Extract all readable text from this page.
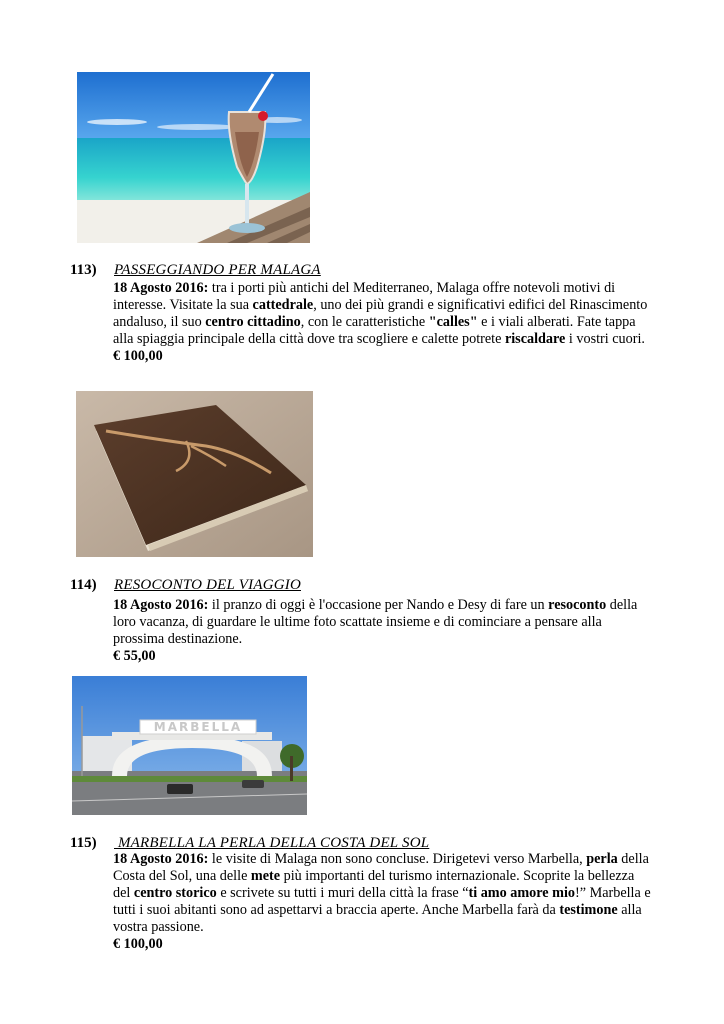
113) PASSEGGIANDO PER MALAGA

18 Agosto 2016: tra i porti più antichi del Mediterraneo, Malaga offre notevoli motivi di interesse. Visitate la sua cattedrale, uno dei più grandi e significativi edifici del Rinascimento andaluso, il suo centro cittadino, con le caratteristiche "calles" e i viali alberati. Fate tappa alla spiaggia principale della città dove tra scogliere e calette potrete riscaldare i vostri cuori.

€ 100,00

114) RESOCONTO DEL VIAGGIO

18 Agosto 2016: il pranzo di oggi è l'occasione per Nando e Desy di fare un resoconto della loro vacanza, di guardare le ultime foto scattate insieme e di cominciare a pensare alla prossima destinazione.

€ 55,00

MARBELLA
115) MARBELLA LA PERLA DELLA COSTA DEL SOL

18 Agosto 2016: le visite di Malaga non sono concluse. Dirigetevi verso Marbella, perla della Costa del Sol, una delle mete più importanti del turismo internazionale. Scoprite la bellezza del centro storico e scrivete su tutti i muri della città la frase “ti amo amore mio!” Marbella e tutti i suoi abitanti sono ad aspettarvi a braccia aperte. Anche Marbella farà da testimone alla vostra passione.

€ 100,00
